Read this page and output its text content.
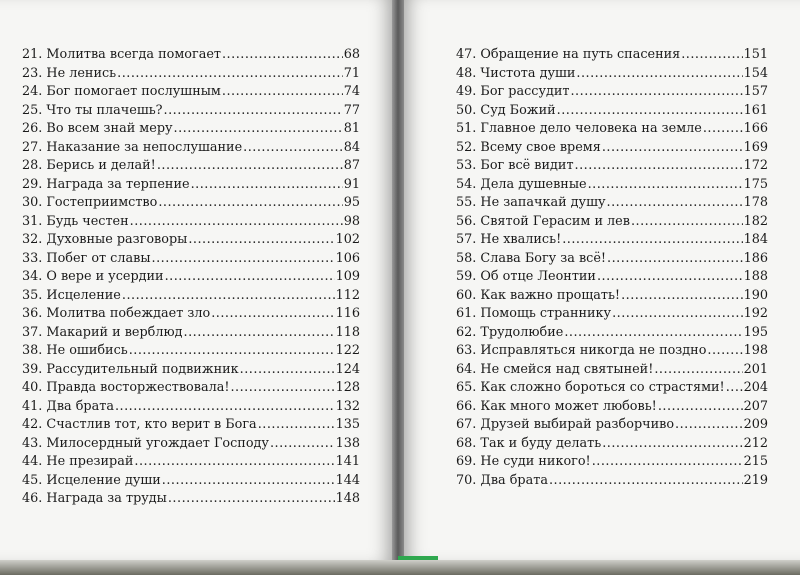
21. Молитва всегда помогает .....	68
23. Не ленись .....	71
24. Бог помогает послушным .....	74
25. Что ты плачешь? .....	77
26. Во всем знай меру .....	81
27. Наказание за непослушание .....	84
28. Берись и делай! .....	87
29. Награда за терпение .....	91
30. Гостеприимство .....	95
31. Будь честен .....	98
32. Духовные разговоры .....	102
33. Побег от славы .....	106
34. О вере и усердии .....	109
35. Исцеление .....	112
36. Молитва побеждает зло .....	116
37. Макарий и верблюд .....	118
38. Не ошибись .....	122
39. Рассудительный подвижник .....	124
40. Правда восторжествовала! .....	128
41. Два брата .....	132
42. Счастлив тот, кто верит в Бога .....	135
43. Милосердный угождает Господу .....	138
44. Не презирай .....	141
45. Исцеление души .....	144
46. Награда за труды .....	148
47. Обращение на путь спасения .....	151
48. Чистота души .....	154
49. Бог рассудит .....	157
50. Суд Божий .....	161
51. Главное дело человека на земле .....	166
52. Всему свое время .....	169
53. Бог всё видит .....	172
54. Дела душевные .....	175
55. Не запачкай душу .....	178
56. Святой Герасим и лев .....	182
57. Не хвались! .....	184
58. Слава Богу за всё! .....	186
59. Об отце Леонтии .....	188
60. Как важно прощать! .....	190
61. Помощь страннику .....	192
62. Трудолюбие .....	195
63. Исправляться никогда не поздно .....	198
64. Не смейся над святыней! .....	201
65. Как сложно бороться со страстями! ..... 204
66. Как много может любовь! .....	207
67. Друзей выбирай разборчиво .....	209
68. Так и буду делать .....	212
69. Не суди никого! .....	215
70. Два брата .....	219
